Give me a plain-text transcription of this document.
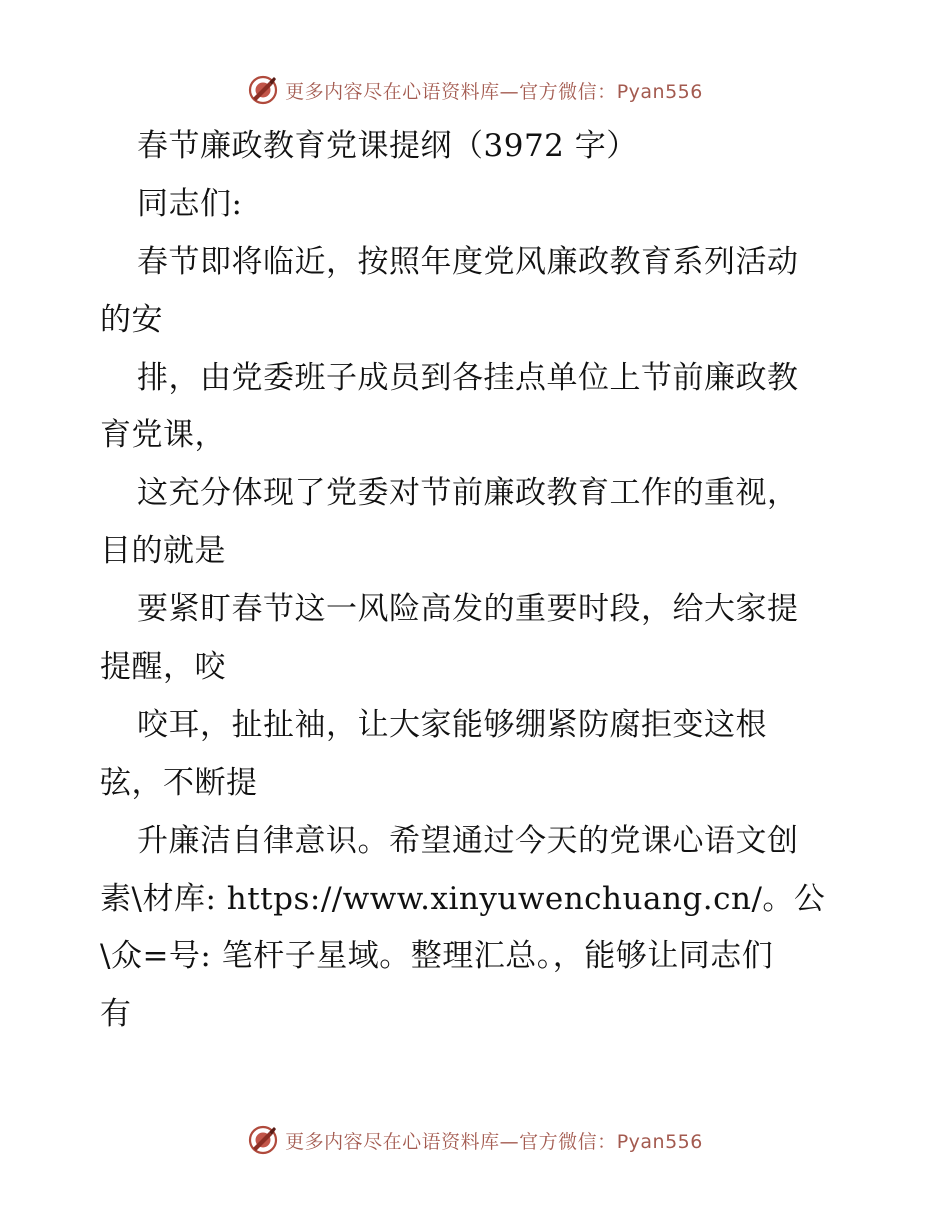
更多内容尽在心语资料库—官方微信：Pyan556
春节廉政教育党课提纲（3972 字）
同志们:
春节即将临近，按照年度党风廉政教育系列活动
的安
排，由党委班子成员到各挂点单位上节前廉政教
育党课，
这充分体现了党委对节前廉政教育工作的重视，
目的就是
要紧盯春节这一风险高发的重要时段，给大家提
提醒，咬
咬耳，扯扯袖，让大家能够绷紧防腐拒变这根
弦，不断提
升廉洁自律意识。希望通过今天的党课心语文创
素\材库: https://www.xinyuwenchuang.cn/。公
\众=号: 笔杆子星域。整理汇总。，能够让同志们
有
更多内容尽在心语资料库—官方微信：Pyan556
